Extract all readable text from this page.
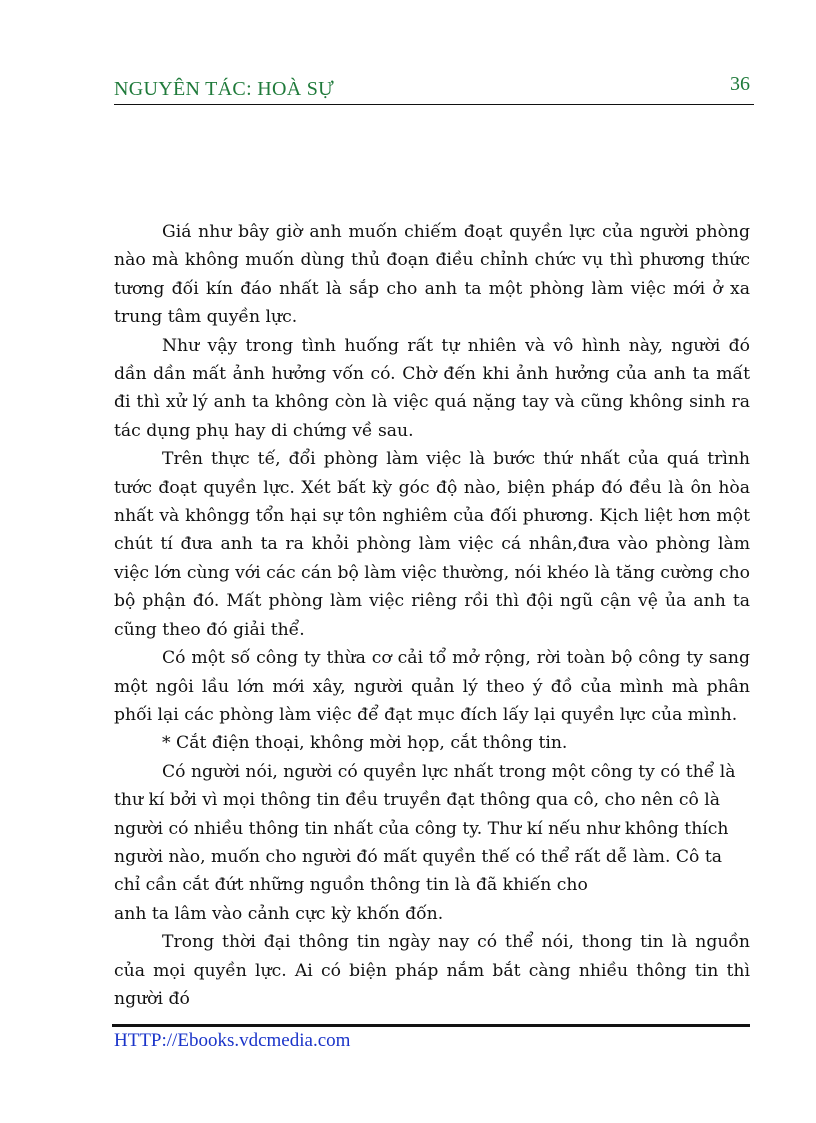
NGUYÊN TÁC: HOÀ SỰ	36

Giá như bây giờ anh muốn chiếm đoạt quyền lực của người phòng nào mà không muốn dùng thủ đoạn điều chỉnh chức vụ thì phương thức tương đối kín đáo nhất là sắp cho anh ta một phòng làm việc mới ở xa trung tâm quyền lực.

Như vậy trong tình huống rất tự nhiên và vô hình này, người đó dần dần mất ảnh hưởng vốn có. Chờ đến khi ảnh hưởng của anh ta mất đi thì xử lý anh ta không còn là việc quá nặng tay và cũng không sinh ra tác dụng phụ hay di chứng về sau.

Trên thực tế, đổi phòng làm việc là bước thứ nhất của quá trình tước đoạt quyền lực. Xét bất kỳ góc độ nào, biện pháp đó đều là ôn hòa nhất và khôngg tổn hại sự tôn nghiêm của đối phương. Kịch liệt hơn một chút tí đưa anh ta ra khỏi phòng làm việc cá nhân,đưa vào phòng làm việc lớn cùng với các cán bộ làm việc thường, nói khéo là tăng cường cho bộ phận đó. Mất phòng làm việc riêng rồi thì đội ngũ cận vệ ủa anh ta cũng theo đó giải thể.

Có một số công ty thừa cơ cải tổ mở rộng, rời toàn bộ công ty sang một ngôi lầu lớn mới xây, người quản lý theo ý đồ của mình mà phân phối lại các phòng làm việc để đạt mục đích lấy lại quyền lực của mình.

* Cắt điện thoại, không mời họp, cắt thông tin.

Có người nói, người có quyền lực nhất trong một công ty có thể là thư kí bởi vì mọi thông tin đều truyền đạt thông qua cô, cho nên cô là người có nhiều thông tin nhất của công ty. Thư kí nếu như không thích người nào, muốn cho người đó mất quyền thế có thể rất dễ làm. Cô ta chỉ cần cắt đứt những nguồn thông tin là đã khiến cho

anh ta lâm vào cảnh cực kỳ khốn đốn.

Trong thời đại thông tin ngày nay có thể nói, thong tin là nguồn của mọi quyền lực. Ai có biện pháp nắm bắt càng nhiều thông tin thì người đó

HTTP://Ebooks.vdcmedia.com
